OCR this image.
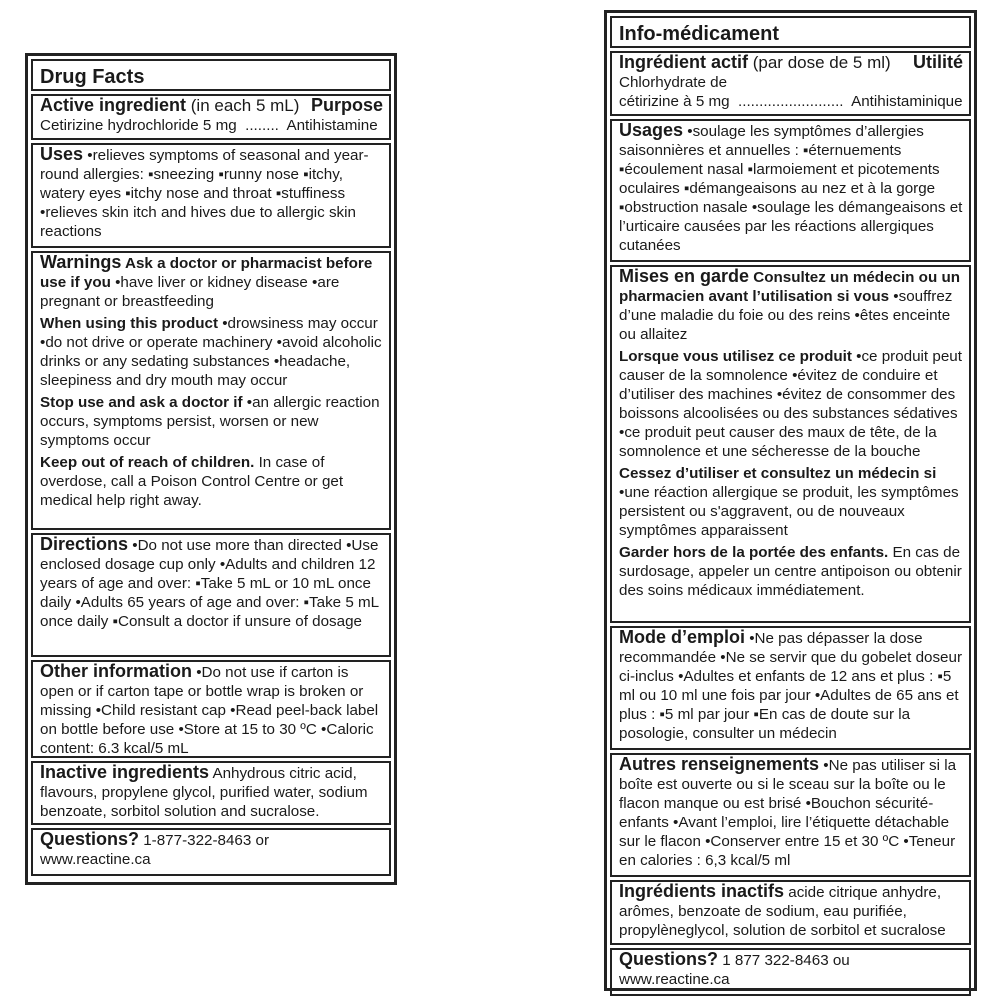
Drug Facts
Active ingredient (in each 5 mL) Purpose
Cetirizine hydrochloride 5 mg  ........  Antihistamine
Uses •relieves symptoms of seasonal and year-round allergies: ▪sneezing ▪runny nose ▪itchy, watery eyes ▪itchy nose and throat ▪stuffiness •relieves skin itch and hives due to allergic skin reactions
Warnings Ask a doctor or pharmacist before use if you •have liver or kidney disease •are pregnant or breastfeeding
When using this product •drowsiness may occur •do not drive or operate machinery •avoid alcoholic drinks or any sedating substances •headache, sleepiness and dry mouth may occur
Stop use and ask a doctor if •an allergic reaction occurs, symptoms persist, worsen or new symptoms occur
Keep out of reach of children. In case of overdose, call a Poison Control Centre or get medical help right away.
Directions •Do not use more than directed •Use enclosed dosage cup only •Adults and children 12 years of age and over: ▪Take 5 mL or 10 mL once daily •Adults 65 years of age and over: ▪Take 5 mL once daily ▪Consult a doctor if unsure of dosage
Other information •Do not use if carton is open or if carton tape or bottle wrap is broken or missing •Child resistant cap •Read peel-back label on bottle before use •Store at 15 to 30 ºC •Caloric content: 6.3 kcal/5 mL
Inactive ingredients Anhydrous citric acid, flavours, propylene glycol, purified water, sodium benzoate, sorbitol solution and sucralose.
Questions? 1-877-322-8463 or www.reactine.ca
Info-médicament
Ingrédient actif (par dose de 5 ml) Utilité
Chlorhydrate de
cétirizine à 5 mg  .........................  Antihistaminique
Usages •soulage les symptômes d’allergies saisonnières et annuelles : ▪éternuements ▪écoulement nasal ▪larmoiement et picotements oculaires ▪démangeaisons au nez et à la gorge ▪obstruction nasale •soulage les démangeaisons et l’urticaire causées par les réactions allergiques cutanées
Mises en garde Consultez un médecin ou un pharmacien avant l’utilisation si vous •souffrez d’une maladie du foie ou des reins •êtes enceinte ou allaitez
Lorsque vous utilisez ce produit •ce produit peut causer de la somnolence •évitez de conduire et d’utiliser des machines •évitez de consommer des boissons alcoolisées ou des substances sédatives •ce produit peut causer des maux de tête, de la somnolence et une sécheresse de la bouche
Cessez d’utiliser et consultez un médecin si •une réaction allergique se produit, les symptômes persistent ou s'aggravent, ou de nouveaux symptômes apparaissent
Garder hors de la portée des enfants. En cas de surdosage, appeler un centre antipoison ou obtenir des soins médicaux immédiatement.
Mode d’emploi •Ne pas dépasser la dose recommandée •Ne se servir que du gobelet doseur ci-inclus •Adultes et enfants de 12 ans et plus : ▪5 ml ou 10 ml une fois par jour •Adultes de 65 ans et plus : ▪5 ml par jour ▪En cas de doute sur la posologie, consulter un médecin
Autres renseignements •Ne pas utiliser si la boîte est ouverte ou si le sceau sur la boîte ou le flacon manque ou est brisé •Bouchon sécurité-enfants •Avant l’emploi, lire l’étiquette détachable sur le flacon •Conserver entre 15 et 30 ºC •Teneur en calories : 6,3 kcal/5 ml
Ingrédients inactifs acide citrique anhydre, arômes, benzoate de sodium, eau purifiée, propylèneglycol, solution de sorbitol et sucralose
Questions? 1 877 322-8463 ou www.reactine.ca
